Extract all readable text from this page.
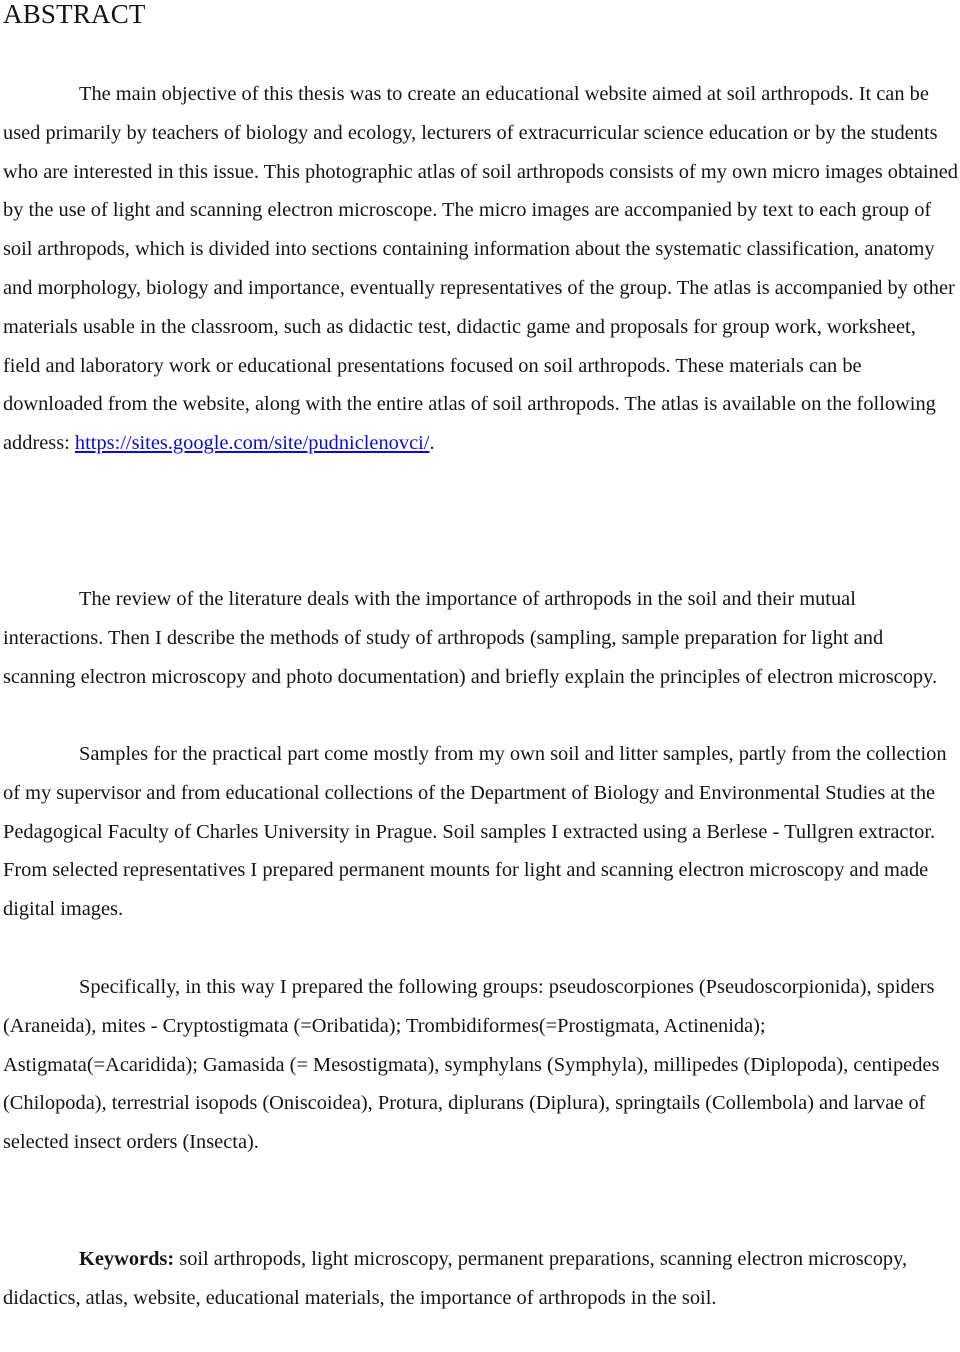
ABSTRACT

The main objective of this thesis was to create an educational website aimed at soil arthropods. It can be used primarily by teachers of biology and ecology, lecturers of extracurricular science education or by the students who are interested in this issue. This photographic atlas of soil arthropods consists of my own micro images obtained by the use of light and scanning electron microscope. The micro images are accompanied by text to each group of soil arthropods, which is divided into sections containing information about the systematic classification, anatomy and morphology, biology and importance, eventually representatives of the group. The atlas is accompanied by other materials usable in the classroom, such as didactic test, didactic game and proposals for group work, worksheet, field and laboratory work or educational presentations focused on soil arthropods. These materials can be downloaded from the website, along with the entire atlas of soil arthropods. The atlas is available on the following address: https://sites.google.com/site/pudniclenovci/.

The review of the literature deals with the importance of arthropods in the soil and their mutual interactions. Then I describe the methods of study of arthropods (sampling, sample preparation for light and scanning electron microscopy and photo documentation) and briefly explain the principles of electron microscopy.

Samples for the practical part come mostly from my own soil and litter samples, partly from the collection of my supervisor and from educational collections of the Department of Biology and Environmental Studies at the Pedagogical Faculty of Charles University in Prague. Soil samples I extracted using a Berlese - Tullgren extractor. From selected representatives I prepared permanent mounts for light and scanning electron microscopy and made digital images.

Specifically, in this way I prepared the following groups: pseudoscorpiones (Pseudoscorpionida), spiders (Araneida), mites - Cryptostigmata (=Oribatida); Trombidiformes(=Prostigmata, Actinenida); Astigmata(=Acaridida); Gamasida (= Mesostigmata), symphylans (Symphyla), millipedes (Diplopoda), centipedes (Chilopoda), terrestrial isopods (Oniscoidea), Protura, diplurans (Diplura), springtails (Collembola) and larvae of selected insect orders (Insecta).

Keywords: soil arthropods, light microscopy, permanent preparations, scanning electron microscopy, didactics, atlas, website, educational materials, the importance of arthropods in the soil.
